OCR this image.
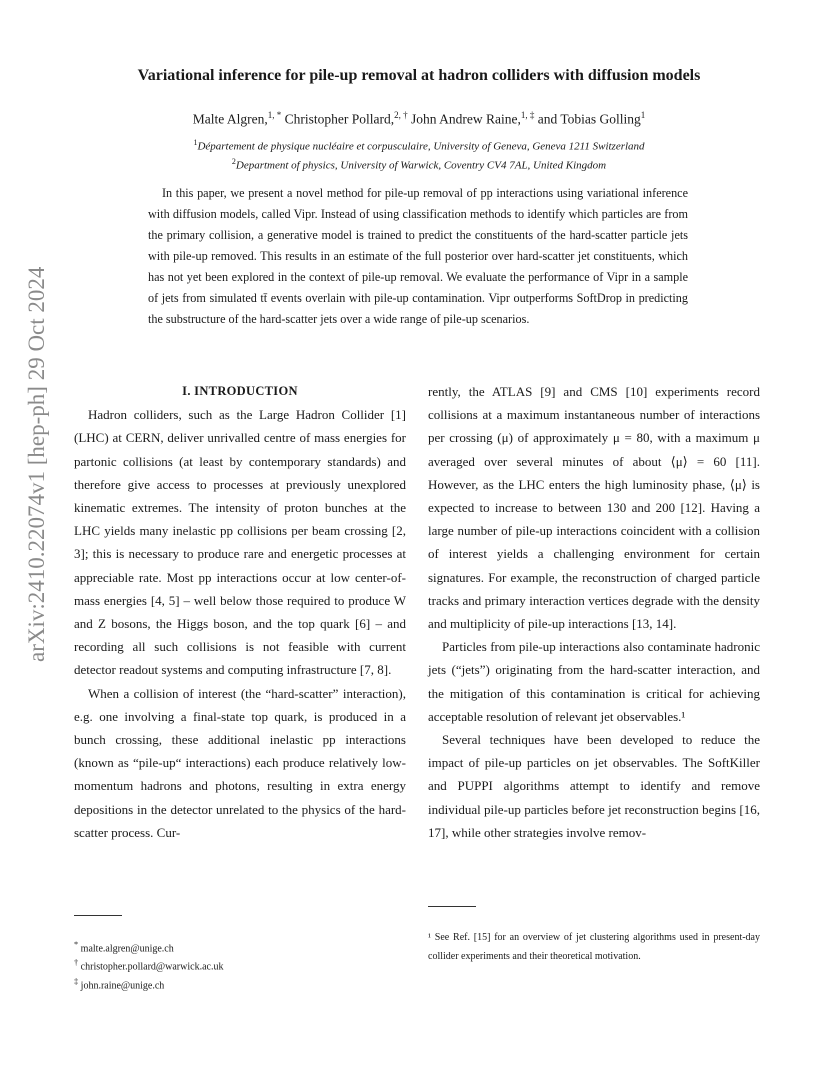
arXiv:2410.22074v1 [hep-ph] 29 Oct 2024
Variational inference for pile-up removal at hadron colliders with diffusion models
Malte Algren,$^{1, *}$ Christopher Pollard,$^{2, \dagger}$ John Andrew Raine,$^{1, \ddagger}$ and Tobias Golling$^1$
$^1$Département de physique nucléaire et corpusculaire, University of Geneva, Geneva 1211 Switzerland
$^2$Department of physics, University of Warwick, Coventry CV4 7AL, United Kingdom
In this paper, we present a novel method for pile-up removal of pp interactions using variational inference with diffusion models, called Vipr. Instead of using classification methods to identify which particles are from the primary collision, a generative model is trained to predict the constituents of the hard-scatter particle jets with pile-up removed. This results in an estimate of the full posterior over hard-scatter jet constituents, which has not yet been explored in the context of pile-up removal. We evaluate the performance of Vipr in a sample of jets from simulated tt̄ events overlain with pile-up contamination. Vipr outperforms SoftDrop in predicting the substructure of the hard-scatter jets over a wide range of pile-up scenarios.

I. INTRODUCTION

Hadron colliders, such as the Large Hadron Collider [1] (LHC) at CERN, deliver unrivalled centre of mass energies for partonic collisions (at least by contemporary standards) and therefore give access to processes at previously unexplored kinematic extremes. The intensity of proton bunches at the LHC yields many inelastic pp collisions per beam crossing [2, 3]; this is necessary to produce rare and energetic processes at appreciable rate. Most pp interactions occur at low center-of-mass energies [4, 5] – well below those required to produce W and Z bosons, the Higgs boson, and the top quark [6] – and recording all such collisions is not feasible with current detector readout systems and computing infrastructure [7, 8].

When a collision of interest (the “hard-scatter” interaction), e.g. one involving a final-state top quark, is produced in a bunch crossing, these additional inelastic pp interactions (known as “pile-up“ interactions) each produce relatively low-momentum hadrons and photons, resulting in extra energy depositions in the detector unrelated to the physics of the hard-scatter process. Cur-

rently, the ATLAS [9] and CMS [10] experiments record collisions at a maximum instantaneous number of interactions per crossing (μ) of approximately μ = 80, with a maximum μ averaged over several minutes of about ⟨μ⟩ = 60 [11]. However, as the LHC enters the high luminosity phase, ⟨μ⟩ is expected to increase to between 130 and 200 [12]. Having a large number of pile-up interactions coincident with a collision of interest yields a challenging environment for certain signatures. For example, the reconstruction of charged particle tracks and primary interaction vertices degrade with the density and multiplicity of pile-up interactions [13, 14].

Particles from pile-up interactions also contaminate hadronic jets (“jets”) originating from the hard-scatter interaction, and the mitigation of this contamination is critical for achieving acceptable resolution of relevant jet observables.¹

Several techniques have been developed to reduce the impact of pile-up particles on jet observables. The SoftKiller and PUPPI algorithms attempt to identify and remove individual pile-up particles before jet reconstruction begins [16, 17], while other strategies involve remov-

* malte.algren@unige.ch
† christopher.pollard@warwick.ac.uk
‡ john.raine@unige.ch
¹ See Ref. [15] for an overview of jet clustering algorithms used in present-day collider experiments and their theoretical motivation.
